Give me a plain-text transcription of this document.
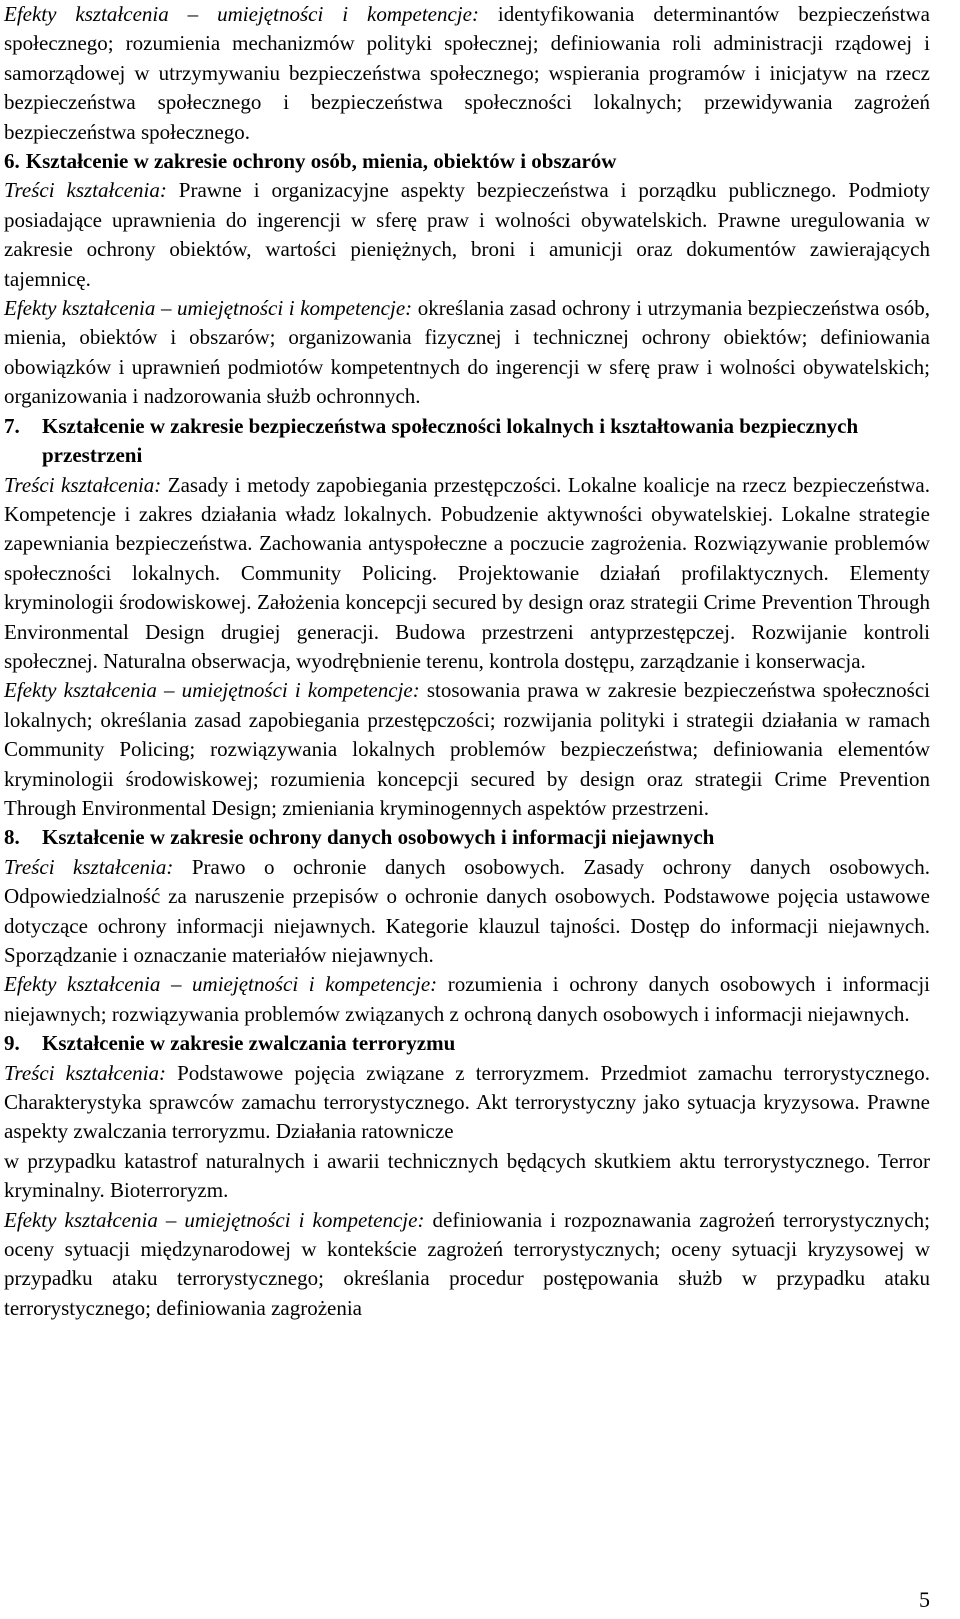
Efekty kształcenia – umiejętności i kompetencje: identyfikowania determinantów bezpieczeństwa społecznego; rozumienia mechanizmów polityki społecznej; definiowania roli administracji rządowej i samorządowej w utrzymywaniu bezpieczeństwa społecznego; wspierania programów i inicjatyw na rzecz bezpieczeństwa społecznego i bezpieczeństwa społeczności lokalnych; przewidywania zagrożeń bezpieczeństwa społecznego.

6. Kształcenie w zakresie ochrony osób, mienia, obiektów i obszarów

Treści kształcenia: Prawne i organizacyjne aspekty bezpieczeństwa i porządku publicznego. Podmioty posiadające uprawnienia do ingerencji w sferę praw i wolności obywatelskich. Prawne uregulowania w zakresie ochrony obiektów, wartości pieniężnych, broni i amunicji oraz dokumentów zawierających tajemnicę.

Efekty kształcenia – umiejętności i kompetencje: określania zasad ochrony i utrzymania bezpieczeństwa osób, mienia, obiektów i obszarów; organizowania fizycznej i technicznej ochrony obiektów; definiowania obowiązków i uprawnień podmiotów kompetentnych do ingerencji w sferę praw i wolności obywatelskich; organizowania i nadzorowania służb ochronnych.

7.	Kształcenie w zakresie bezpieczeństwa społeczności lokalnych i kształtowania bezpiecznych przestrzeni

Treści kształcenia: Zasady i metody zapobiegania przestępczości. Lokalne koalicje na rzecz bezpieczeństwa. Kompetencje i zakres działania władz lokalnych. Pobudzenie aktywności obywatelskiej. Lokalne strategie zapewniania bezpieczeństwa. Zachowania antyspołeczne a poczucie zagrożenia. Rozwiązywanie problemów społeczności lokalnych. Community Policing. Projektowanie działań profilaktycznych. Elementy kryminologii środowiskowej. Założenia koncepcji secured by design oraz strategii Crime Prevention Through Environmental Design drugiej generacji. Budowa przestrzeni antyprzestępczej. Rozwijanie kontroli społecznej. Naturalna obserwacja, wyodrębnienie terenu, kontrola dostępu, zarządzanie i konserwacja.

Efekty kształcenia – umiejętności i kompetencje: stosowania prawa w zakresie bezpieczeństwa społeczności lokalnych; określania zasad zapobiegania przestępczości; rozwijania polityki i strategii działania w ramach Community Policing; rozwiązywania lokalnych problemów bezpieczeństwa; definiowania elementów kryminologii środowiskowej; rozumienia koncepcji secured by design oraz strategii Crime Prevention Through Environmental Design; zmieniania kryminogennych aspektów przestrzeni.

8.	Kształcenie w zakresie ochrony danych osobowych i informacji niejawnych

Treści kształcenia: Prawo o ochronie danych osobowych. Zasady ochrony danych osobowych. Odpowiedzialność za naruszenie przepisów o ochronie danych osobowych. Podstawowe pojęcia ustawowe dotyczące ochrony informacji niejawnych. Kategorie klauzul tajności. Dostęp do informacji niejawnych. Sporządzanie i oznaczanie materiałów niejawnych.

Efekty kształcenia – umiejętności i kompetencje: rozumienia i ochrony danych osobowych i informacji niejawnych; rozwiązywania problemów związanych z ochroną danych osobowych i informacji niejawnych.

9.	Kształcenie w zakresie zwalczania terroryzmu

Treści kształcenia: Podstawowe pojęcia związane z terroryzmem. Przedmiot zamachu terrorystycznego. Charakterystyka sprawców zamachu terrorystycznego. Akt terrorystyczny jako sytuacja kryzysowa. Prawne aspekty zwalczania terroryzmu. Działania ratownicze

w przypadku katastrof naturalnych i awarii technicznych będących skutkiem aktu terrorystycznego. Terror kryminalny. Bioterroryzm.

Efekty kształcenia – umiejętności i kompetencje: definiowania i rozpoznawania zagrożeń terrorystycznych; oceny sytuacji międzynarodowej w kontekście zagrożeń terrorystycznych; oceny sytuacji kryzysowej w przypadku ataku terrorystycznego; określania procedur postępowania służb w przypadku ataku terrorystycznego; definiowania zagrożenia

5
